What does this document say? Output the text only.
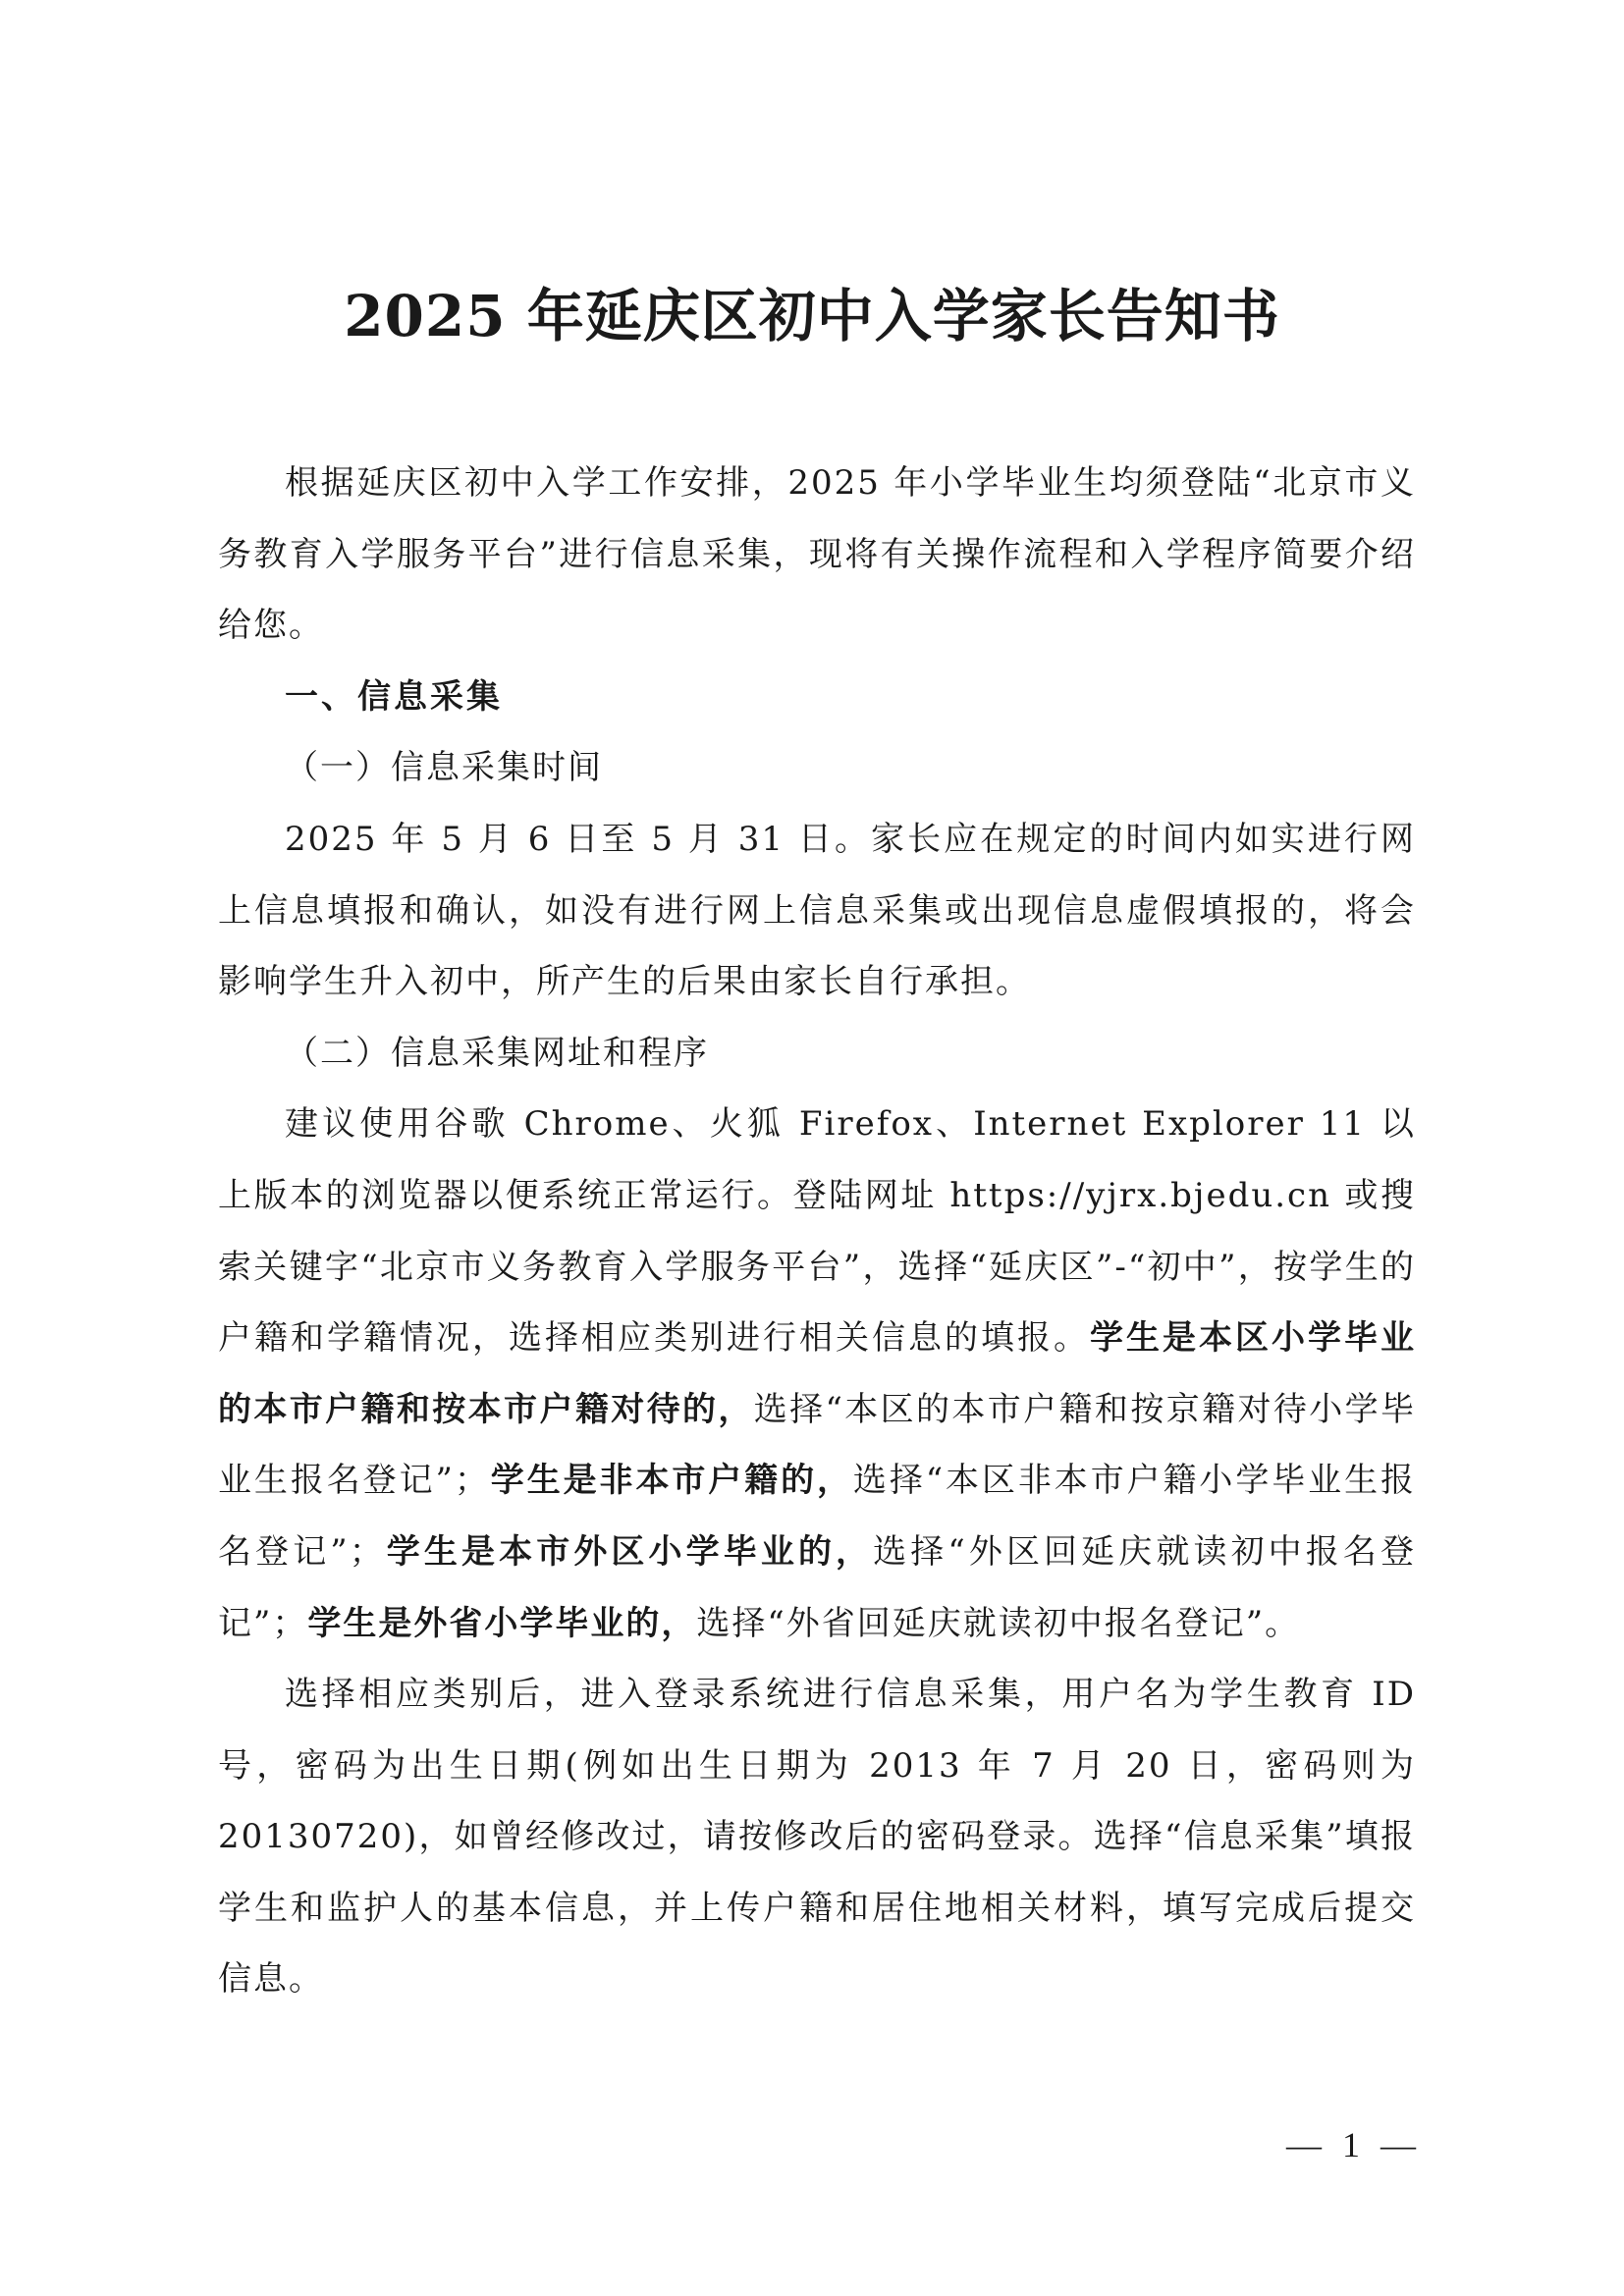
2025 年延庆区初中入学家长告知书

根据延庆区初中入学工作安排，2025 年小学毕业生均须登陆“北京市义务教育入学服务平台”进行信息采集，现将有关操作流程和入学程序简要介绍给您。

一、信息采集

（一）信息采集时间

2025 年 5 月 6 日至 5 月 31 日。家长应在规定的时间内如实进行网上信息填报和确认，如没有进行网上信息采集或出现信息虚假填报的，将会影响学生升入初中，所产生的后果由家长自行承担。

（二）信息采集网址和程序

建议使用谷歌 Chrome、火狐 Firefox、Internet Explorer 11 以上版本的浏览器以便系统正常运行。登陆网址 https://yjrx.bjedu.cn 或搜索关键字“北京市义务教育入学服务平台”，选择“延庆区”-“初中”，按学生的户籍和学籍情况，选择相应类别进行相关信息的填报。学生是本区小学毕业的本市户籍和按本市户籍对待的，选择“本区的本市户籍和按京籍对待小学毕业生报名登记”；学生是非本市户籍的，选择“本区非本市户籍小学毕业生报名登记”；学生是本市外区小学毕业的，选择“外区回延庆就读初中报名登记”；学生是外省小学毕业的，选择“外省回延庆就读初中报名登记”。

选择相应类别后，进入登录系统进行信息采集，用户名为学生教育 ID 号，密码为出生日期(例如出生日期为 2013 年 7 月 20 日，密码则为 20130720)，如曾经修改过，请按修改后的密码登录。选择“信息采集”填报学生和监护人的基本信息，并上传户籍和居住地相关材料，填写完成后提交信息。

— 1 —
